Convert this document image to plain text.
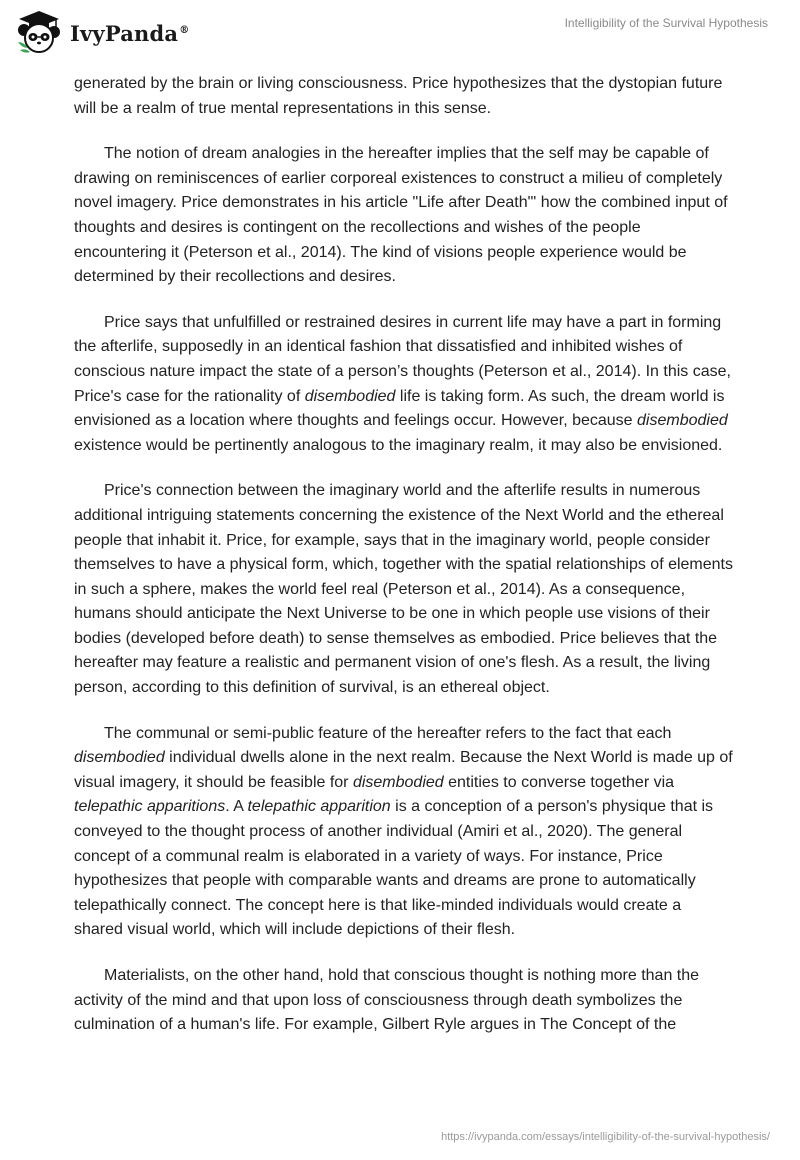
IvyPanda®	Intelligibility of the Survival Hypothesis

generated by the brain or living consciousness. Price hypothesizes that the dystopian future will be a realm of true mental representations in this sense.

The notion of dream analogies in the hereafter implies that the self may be capable of drawing on reminiscences of earlier corporeal existences to construct a milieu of completely novel imagery. Price demonstrates in his article "Life after Death"' how the combined input of thoughts and desires is contingent on the recollections and wishes of the people encountering it (Peterson et al., 2014). The kind of visions people experience would be determined by their recollections and desires.

Price says that unfulfilled or restrained desires in current life may have a part in forming the afterlife, supposedly in an identical fashion that dissatisfied and inhibited wishes of conscious nature impact the state of a person’s thoughts (Peterson et al., 2014). In this case, Price's case for the rationality of disembodied life is taking form. As such, the dream world is envisioned as a location where thoughts and feelings occur. However, because disembodied existence would be pertinently analogous to the imaginary realm, it may also be envisioned.

Price's connection between the imaginary world and the afterlife results in numerous additional intriguing statements concerning the existence of the Next World and the ethereal people that inhabit it. Price, for example, says that in the imaginary world, people consider themselves to have a physical form, which, together with the spatial relationships of elements in such a sphere, makes the world feel real (Peterson et al., 2014). As a consequence, humans should anticipate the Next Universe to be one in which people use visions of their bodies (developed before death) to sense themselves as embodied. Price believes that the hereafter may feature a realistic and permanent vision of one's flesh. As a result, the living person, according to this definition of survival, is an ethereal object.

The communal or semi-public feature of the hereafter refers to the fact that each disembodied individual dwells alone in the next realm. Because the Next World is made up of visual imagery, it should be feasible for disembodied entities to converse together via telepathic apparitions. A telepathic apparition is a conception of a person's physique that is conveyed to the thought process of another individual (Amiri et al., 2020). The general concept of a communal realm is elaborated in a variety of ways. For instance, Price hypothesizes that people with comparable wants and dreams are prone to automatically telepathically connect. The concept here is that like-minded individuals would create a shared visual world, which will include depictions of their flesh.

Materialists, on the other hand, hold that conscious thought is nothing more than the activity of the mind and that upon loss of consciousness through death symbolizes the culmination of a human's life. For example, Gilbert Ryle argues in The Concept of the

https://ivypanda.com/essays/intelligibility-of-the-survival-hypothesis/
